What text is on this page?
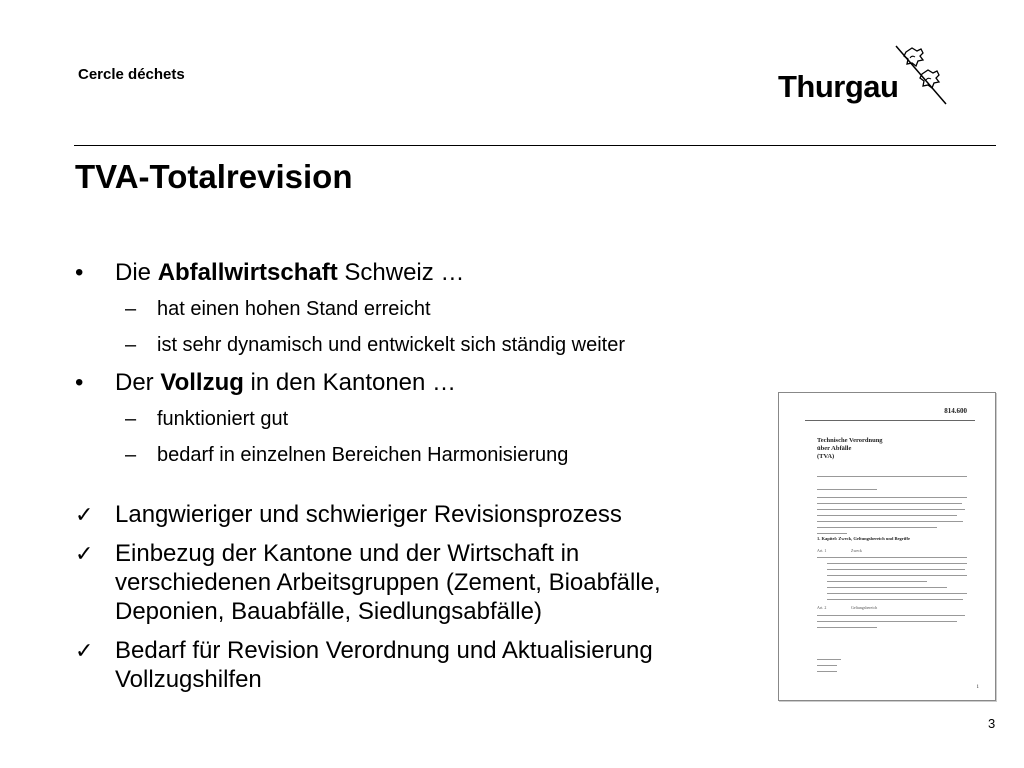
Cercle déchets	Thurgau
TVA-Totalrevision
• Die Abfallwirtschaft Schweiz …
– hat einen hohen Stand erreicht
– ist sehr dynamisch und entwickelt sich ständig weiter
• Der Vollzug in den Kantonen …
– funktioniert gut
– bedarf in einzelnen Bereichen Harmonisierung
✓ Langwieriger und schwieriger Revisionsprozess
✓ Einbezug der Kantone und der Wirtschaft in
verschiedenen Arbeitsgruppen (Zement, Bioabfälle,
Deponien, Bauabfälle, Siedlungsabfälle)
✓ Bedarf für Revision Verordnung und Aktualisierung
Vollzugshilfen
814.600
Technische Verordnung
über Abfälle
(TVA)
1. Kapitel: Zweck, Geltungsbereich und Begriffe
Art. 1	Zweck
Art. 2	Geltungsbereich
1
3
